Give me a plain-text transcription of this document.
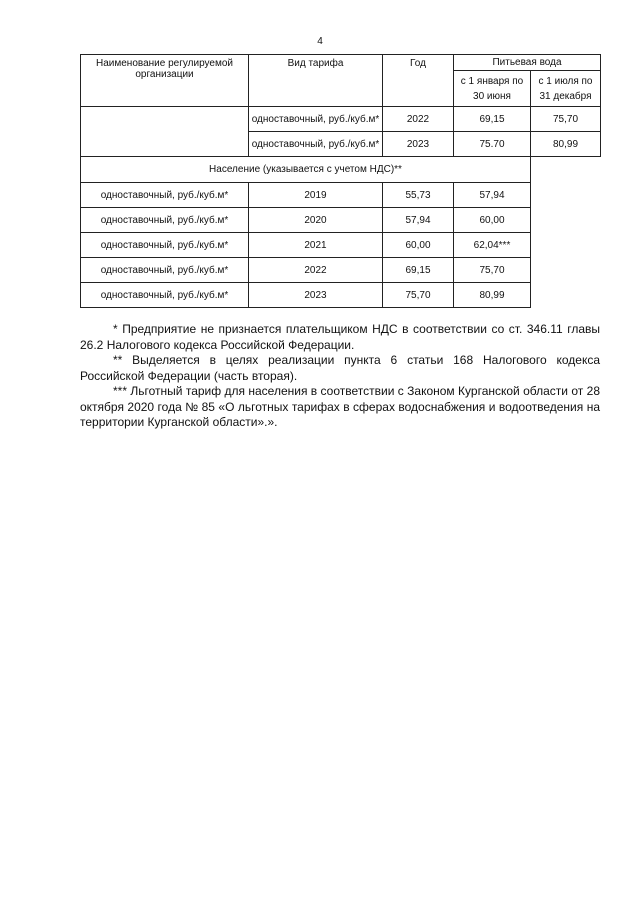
4
Наименование регулируемой организации	Вид тарифа	Год	Питьевая вода	
			с 1 января по 30 июня	с 1 июля по 31 декабря
	одноставочный, руб./куб.м*	2022	69,15	75,70
	одноставочный, руб./куб.м*	2023	75.70	80,99
Население (указывается с учетом НДС)**				
одноставочный, руб./куб.м*	2019	55,73	57,94	
одноставочный, руб./куб.м*	2020	57,94	60,00	
одноставочный, руб./куб.м*	2021	60,00	62,04***	
одноставочный, руб./куб.м*	2022	69,15	75,70	
одноставочный, руб./куб.м*	2023	75,70	80,99	

* Предприятие не признается плательщиком НДС в соответствии со ст. 346.11 главы 26.2 Налогового кодекса Российской Федерации.

** Выделяется в целях реализации пункта 6 статьи 168 Налогового кодекса Российской Федерации (часть вторая).

*** Льготный тариф для населения в соответствии с Законом Курганской области от 28 октября 2020 года № 85 «О льготных тарифах в сферах водоснабжения и водоотведения на территории Курганской области».».
